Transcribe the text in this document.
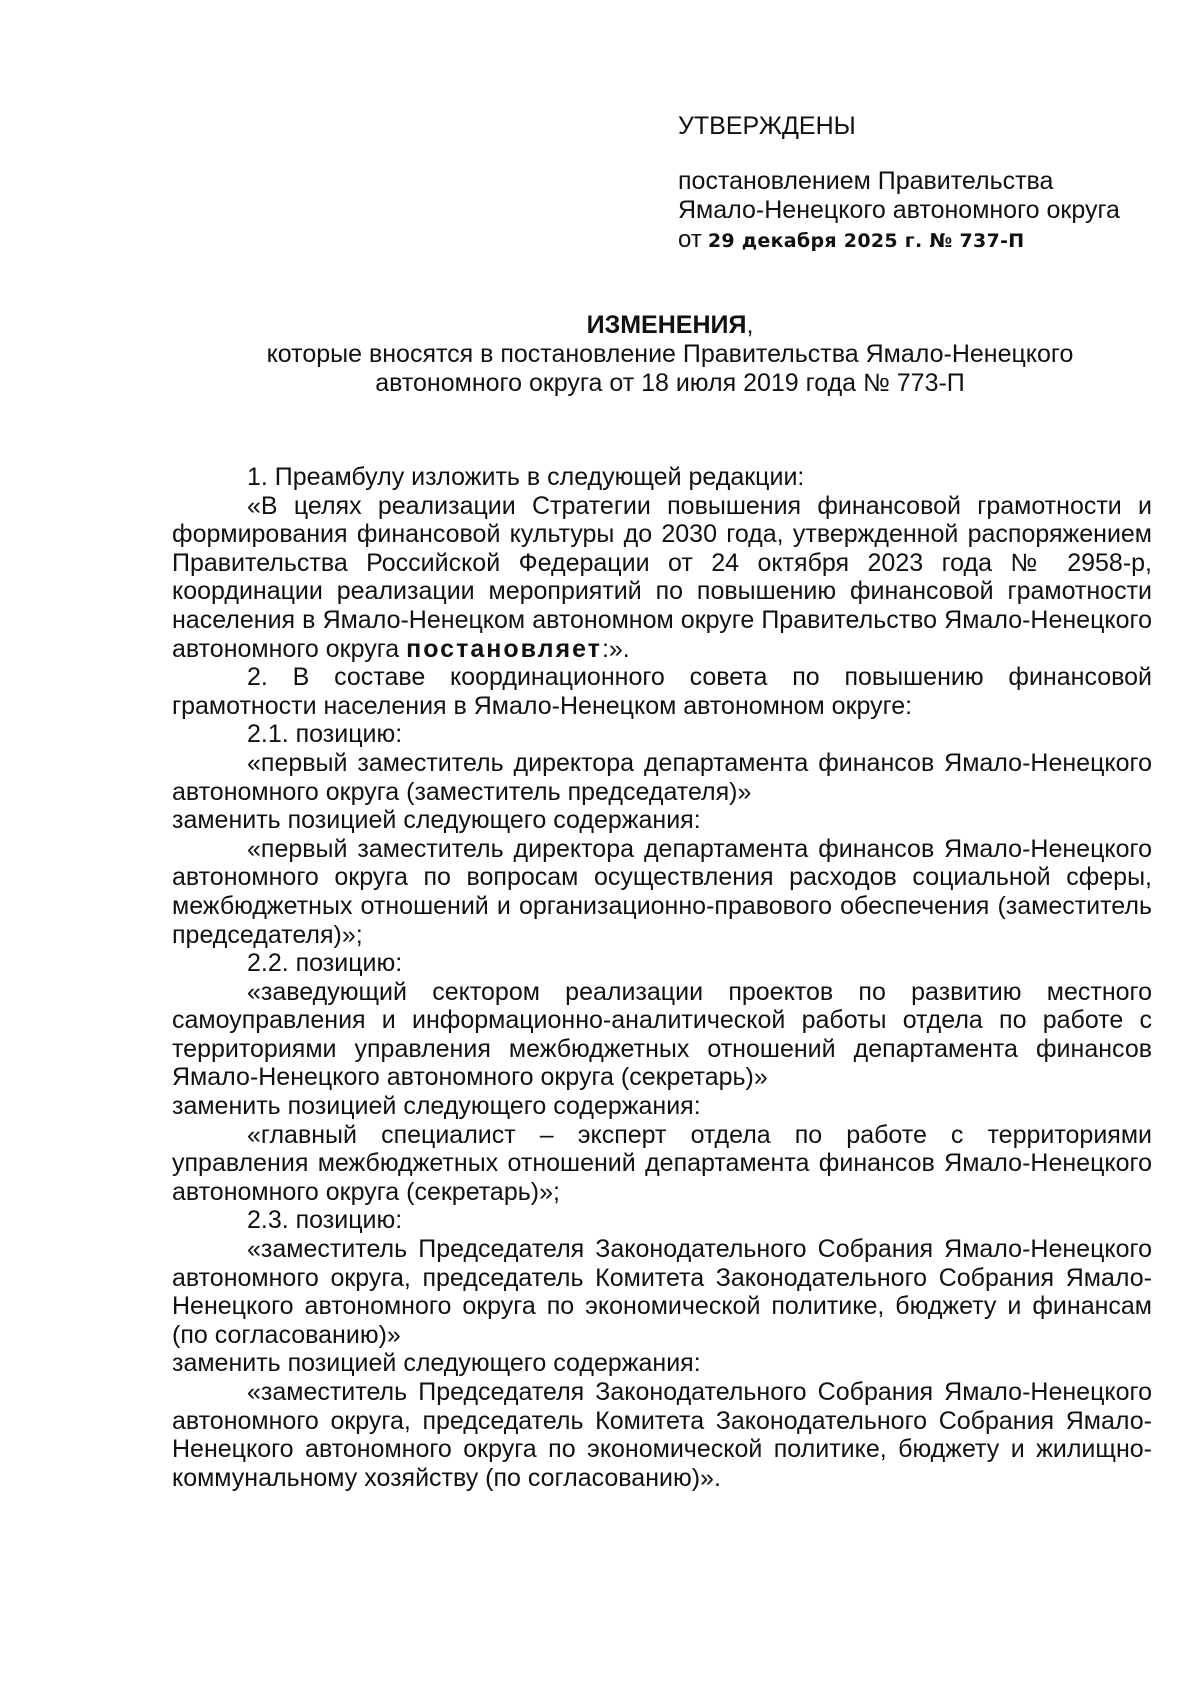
УТВЕРЖДЕНЫ
постановлением Правительства
Ямало-Ненецкого автономного округа
от 29 декабря 2025 г. № 737-П
ИЗМЕНЕНИЯ,
которые вносятся в постановление Правительства Ямало-Ненецкого
автономного округа от 18 июля 2019 года № 773-П

1. Преамбулу изложить в следующей редакции:

«В целях реализации Стратегии повышения финансовой грамотности и формирования финансовой культуры до 2030 года, утвержденной распоряжением Правительства Российской Федерации от 24 октября 2023 года № 2958-р, координации реализации мероприятий по повышению финансовой грамотности населения в Ямало-Ненецком автономном округе Правительство Ямало-Ненецкого автономного округа постановляет:».

2. В составе координационного совета по повышению финансовой грамотности населения в Ямало-Ненецком автономном округе:

2.1. позицию:

«первый заместитель директора департамента финансов Ямало-Ненецкого автономного округа (заместитель председателя)»

заменить позицией следующего содержания:

«первый заместитель директора департамента финансов Ямало-Ненецкого автономного округа по вопросам осуществления расходов социальной сферы, межбюджетных отношений и организационно-правового обеспечения (заместитель председателя)»;

2.2. позицию:

«заведующий сектором реализации проектов по развитию местного самоуправления и информационно-аналитической работы отдела по работе с территориями управления межбюджетных отношений департамента финансов Ямало-Ненецкого автономного округа (секретарь)»

заменить позицией следующего содержания:

«главный специалист – эксперт отдела по работе с территориями управления межбюджетных отношений департамента финансов Ямало-Ненецкого автономного округа (секретарь)»;

2.3. позицию:

«заместитель Председателя Законодательного Собрания Ямало-Ненецкого автономного округа, председатель Комитета Законодательного Собрания Ямало-Ненецкого автономного округа по экономической политике, бюджету и финансам (по согласованию)»

заменить позицией следующего содержания:

«заместитель Председателя Законодательного Собрания Ямало-Ненецкого автономного округа, председатель Комитета Законодательного Собрания Ямало-Ненецкого автономного округа по экономической политике, бюджету и жилищно-коммунальному хозяйству (по согласованию)».
